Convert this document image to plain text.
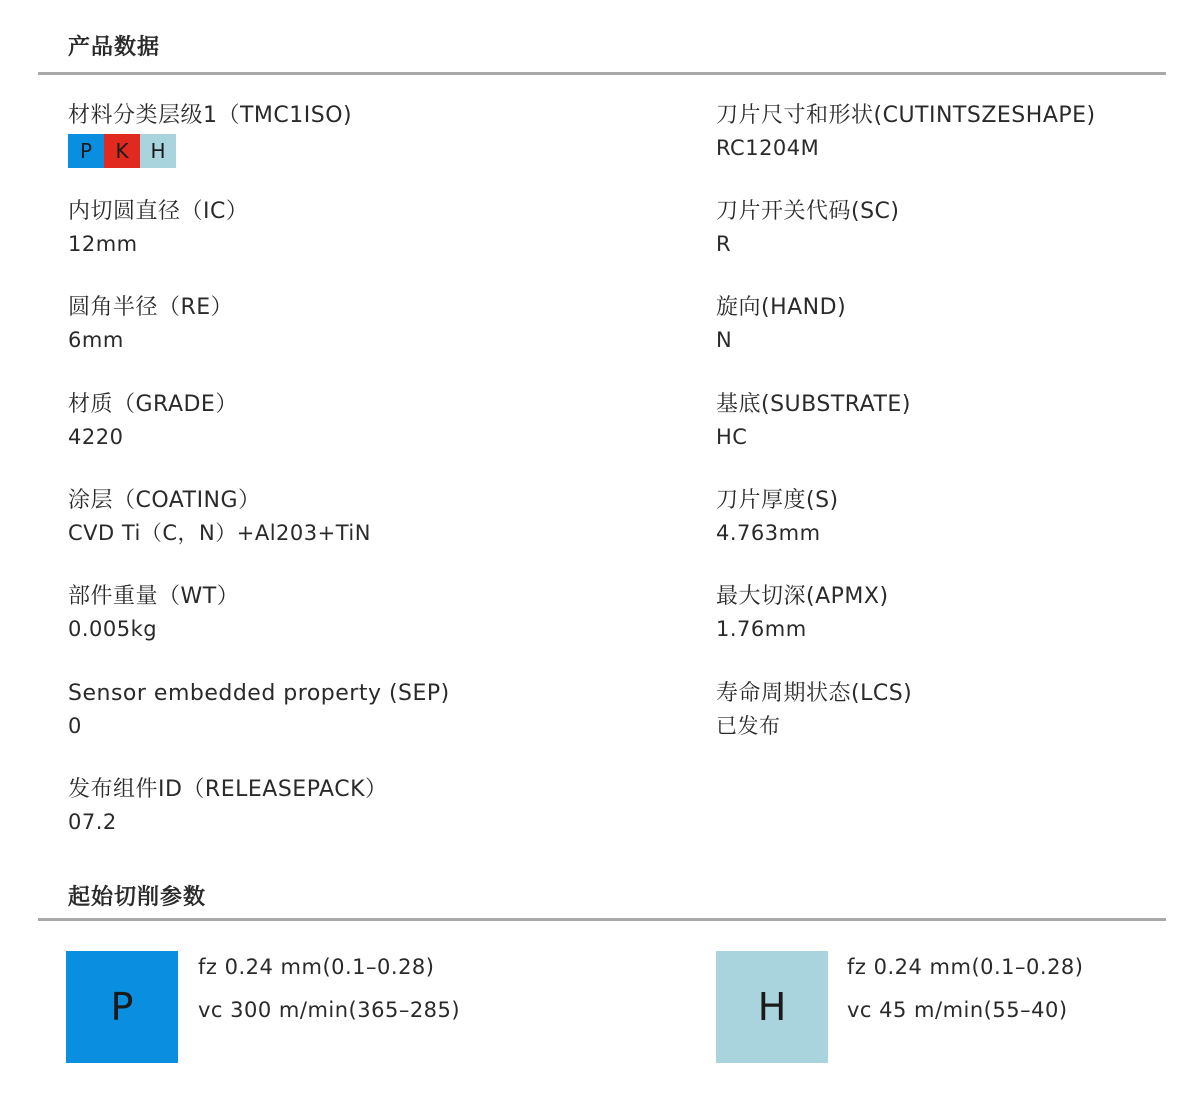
产品数据
材料分类层级1（TMC1ISO)
P	K	H
内切圆直径（IC）
12mm
圆角半径（RE）
6mm
材质（GRADE）
4220
涂层（COATING）
CVD Ti（C，N）+Al203+TiN
部件重量（WT）
0.005kg
Sensor embedded property (SEP)
0
发布组件ID（RELEASEPACK）
07.2
刀片尺寸和形状(CUTINTSZESHAPE)
RC1204M
刀片开关代码(SC)
R
旋向(HAND)
N
基底(SUBSTRATE)
HC
刀片厚度(S)
4.763mm
最大切深(APMX)
1.76mm
寿命周期状态(LCS)
已发布
起始切削参数
P
fz 0.24 mm(0.1–0.28)
vc 300 m/min(365–285)	H
fz 0.24 mm(0.1–0.28)
vc 45 m/min(55–40)
